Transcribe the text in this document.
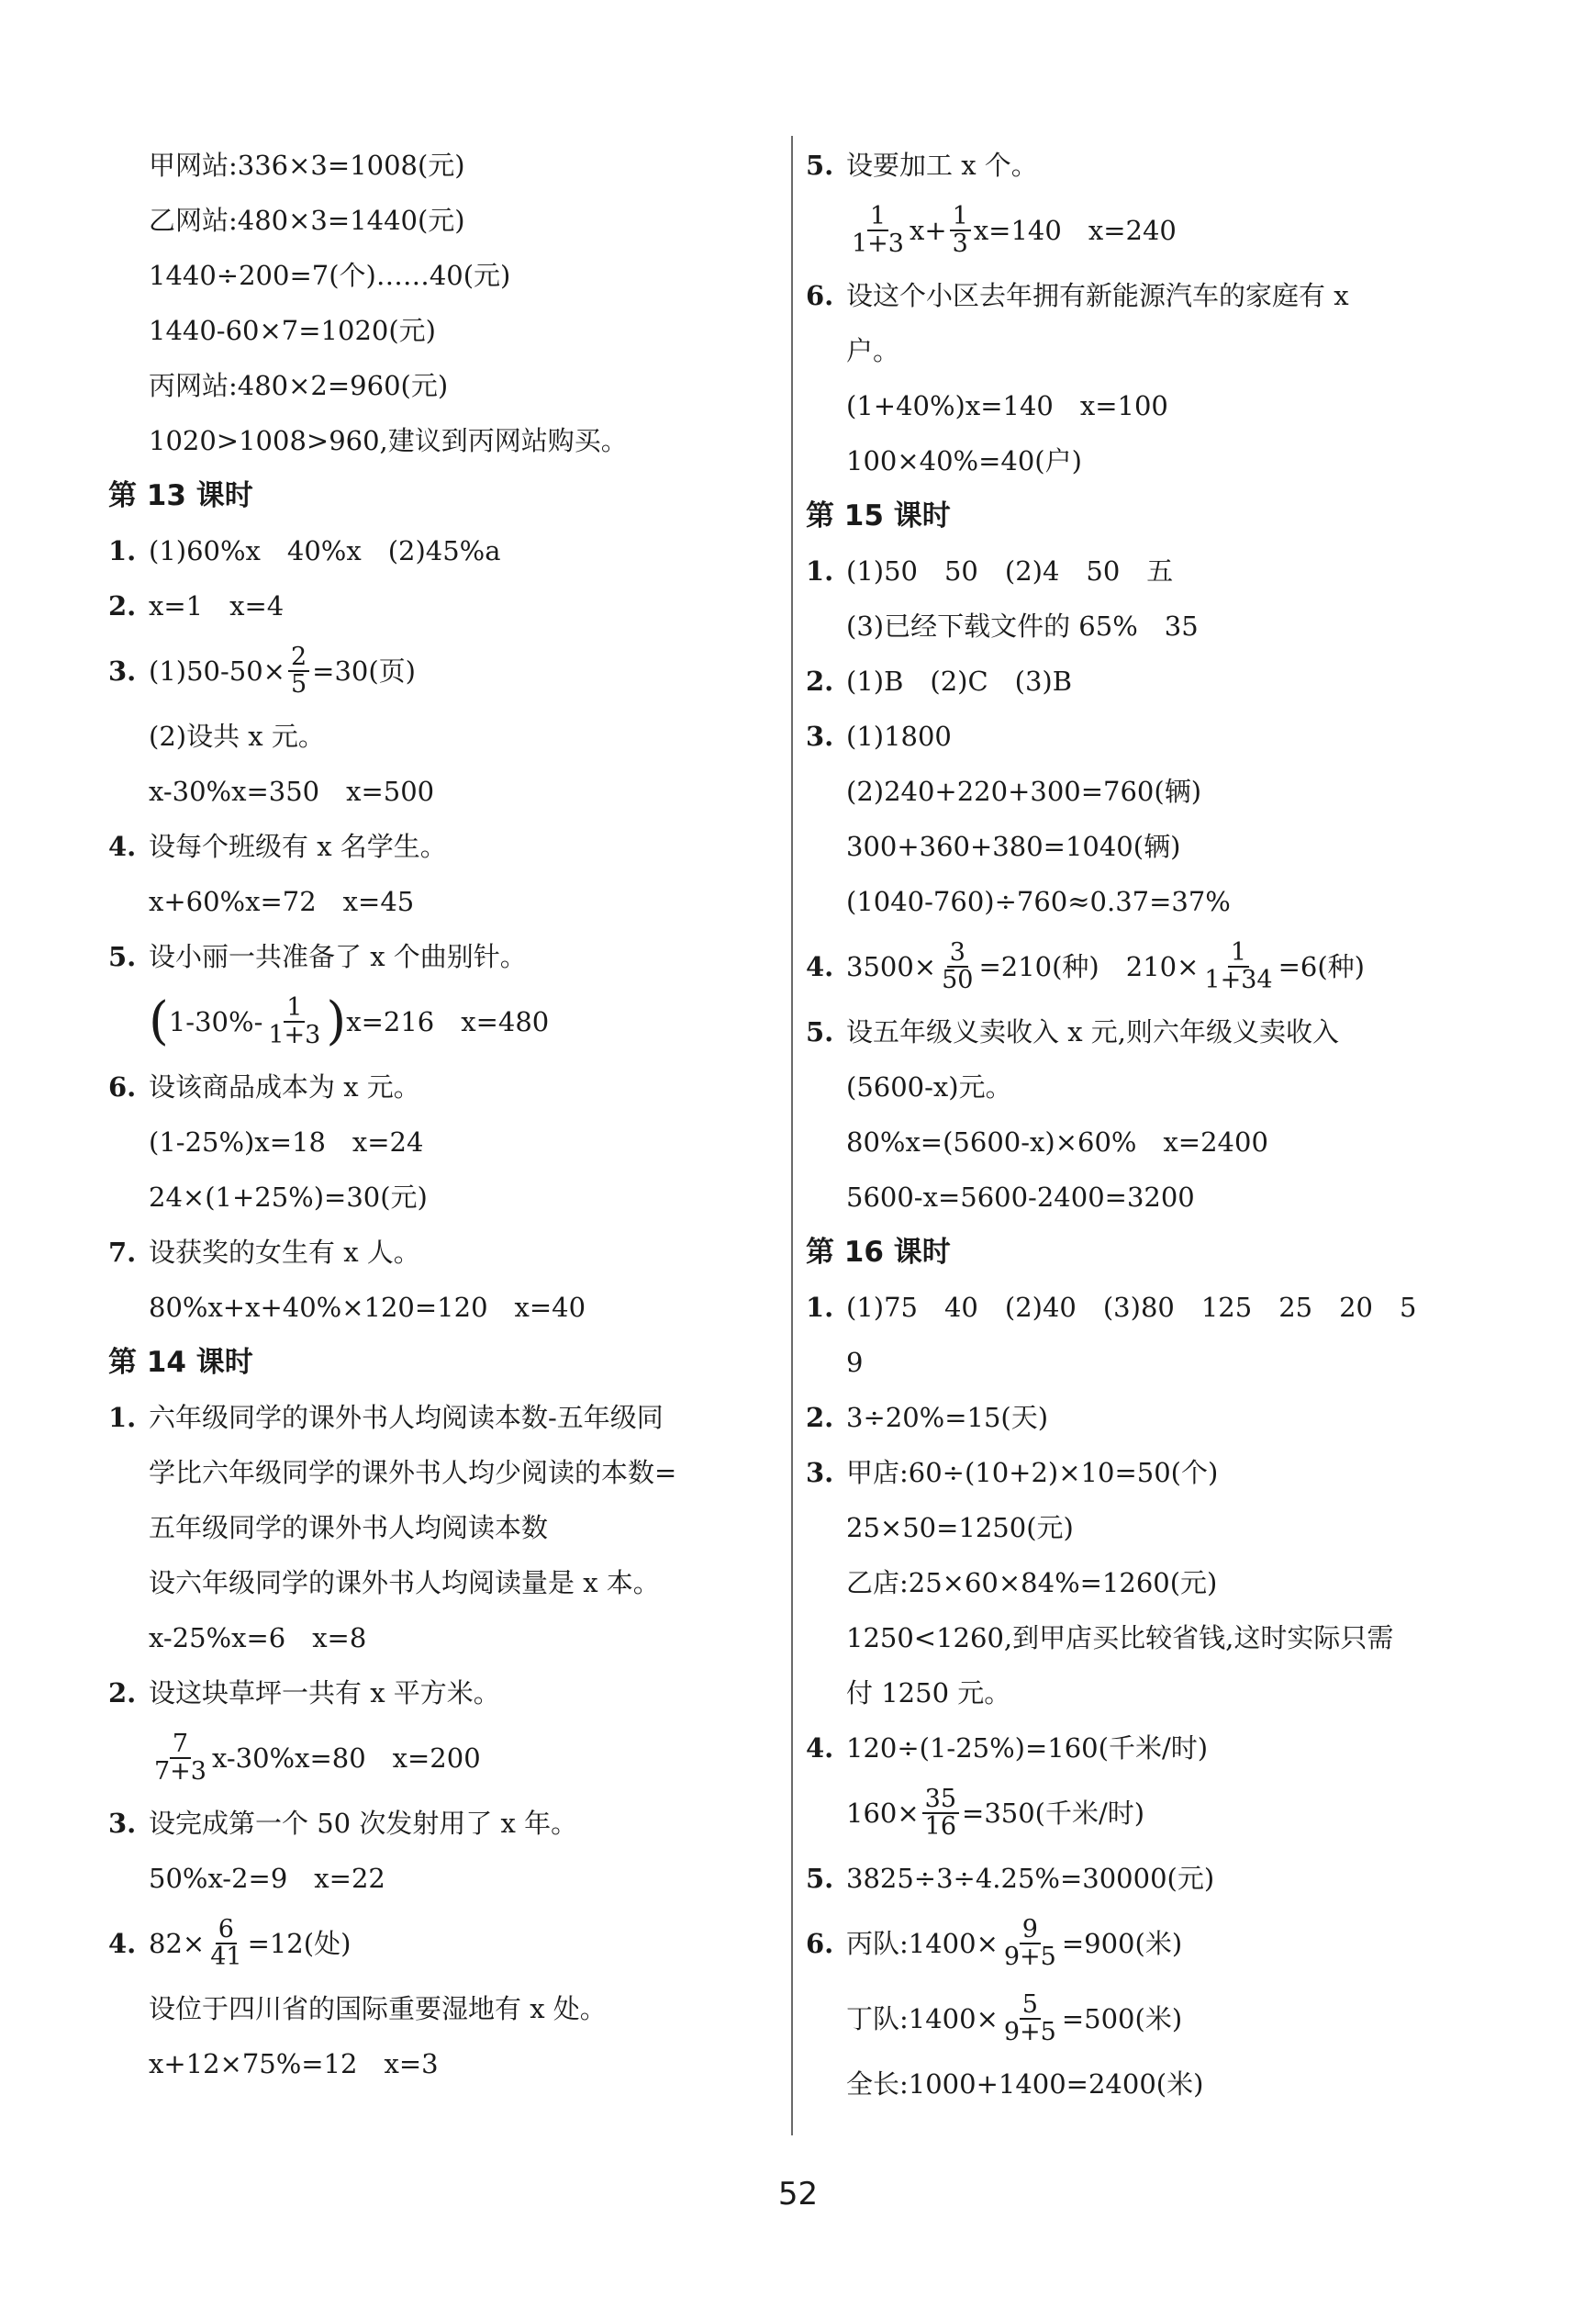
甲网站:336×3=1008(元)
乙网站:480×3=1440(元)
1440÷200=7(个)……40(元)
1440-60×7=1020(元)
丙网站:480×2=960(元)
1020>1008>960,建议到丙网站购买。
第 13 课时
1. (1)60%x　40%x　(2)45%a
2. x=1　x=4
3. $(1)50-50\times \frac{2}{5} =30$(页)
(2)设共 x 元。
x-30%x=350　x=500
4. 设每个班级有 x 名学生。
x+60%x=72　x=45
5. 设小丽一共准备了 x 个曲别针。
( $1-30\%- \frac{1}{1+3}$ ) x=216　x=480
6. 设该商品成本为 x 元。
(1-25%)x=18　x=24
24×(1+25%)=30(元)
7. 设获奖的女生有 x 人。
80%x+x+40%×120=120　x=40
第 14 课时
1. 六年级同学的课外书人均阅读本数-五年级同
学比六年级同学的课外书人均少阅读的本数=
五年级同学的课外书人均阅读本数
设六年级同学的课外书人均阅读量是 x 本。
x-25%x=6　x=8
2. 设这块草坪一共有 x 平方米。
$\frac{7}{7+3} x-30\%x=80$　x=200
3. 设完成第一个 50 次发射用了 x 年。
50%x-2=9　x=22
4. $82\times \frac{6}{41} =12$(处)
设位于四川省的国际重要湿地有 x 处。
x+12×75%=12　x=3
5. 设要加工 x 个。
$\frac{1}{1+3} x+ \frac{1}{3} x=140$　x=240
6. 设这个小区去年拥有新能源汽车的家庭有 x
户。
(1+40%)x=140　x=100
100×40%=40(户)
第 15 课时
1. (1)50　50　(2)4　50　五
(3)已经下载文件的 65%　35
2. (1)B　(2)C　(3)B
3. (1)1800
(2)240+220+300=760(辆)
300+360+380=1040(辆)
(1040-760)÷760≈0.37=37%
4. $3500\times \frac{3}{50} =210$(种)　$210\times \frac{1}{1+34} =6$(种)
5. 设五年级义卖收入 x 元,则六年级义卖收入
(5600-x)元。
80%x=(5600-x)×60%　x=2400
5600-x=5600-2400=3200
第 16 课时
1. (1)75　40　(2)40　(3)80　125　25　20　5
9
2. 3÷20%=15(天)
3. 甲店:60÷(10+2)×10=50(个)
25×50=1250(元)
乙店:25×60×84%=1260(元)
1250<1260,到甲店买比较省钱,这时实际只需
付 1250 元。
4. 120÷(1-25%)=160(千米/时)
$160\times \frac{35}{16} =350$(千米/时)
5. 3825÷3÷4.25%=30000(元)
6. 丙队:1400× $\frac{9}{9+5} =900$(米)
丁队:1400× $\frac{5}{9+5} =500$(米)
全长:1000+1400=2400(米)
52
